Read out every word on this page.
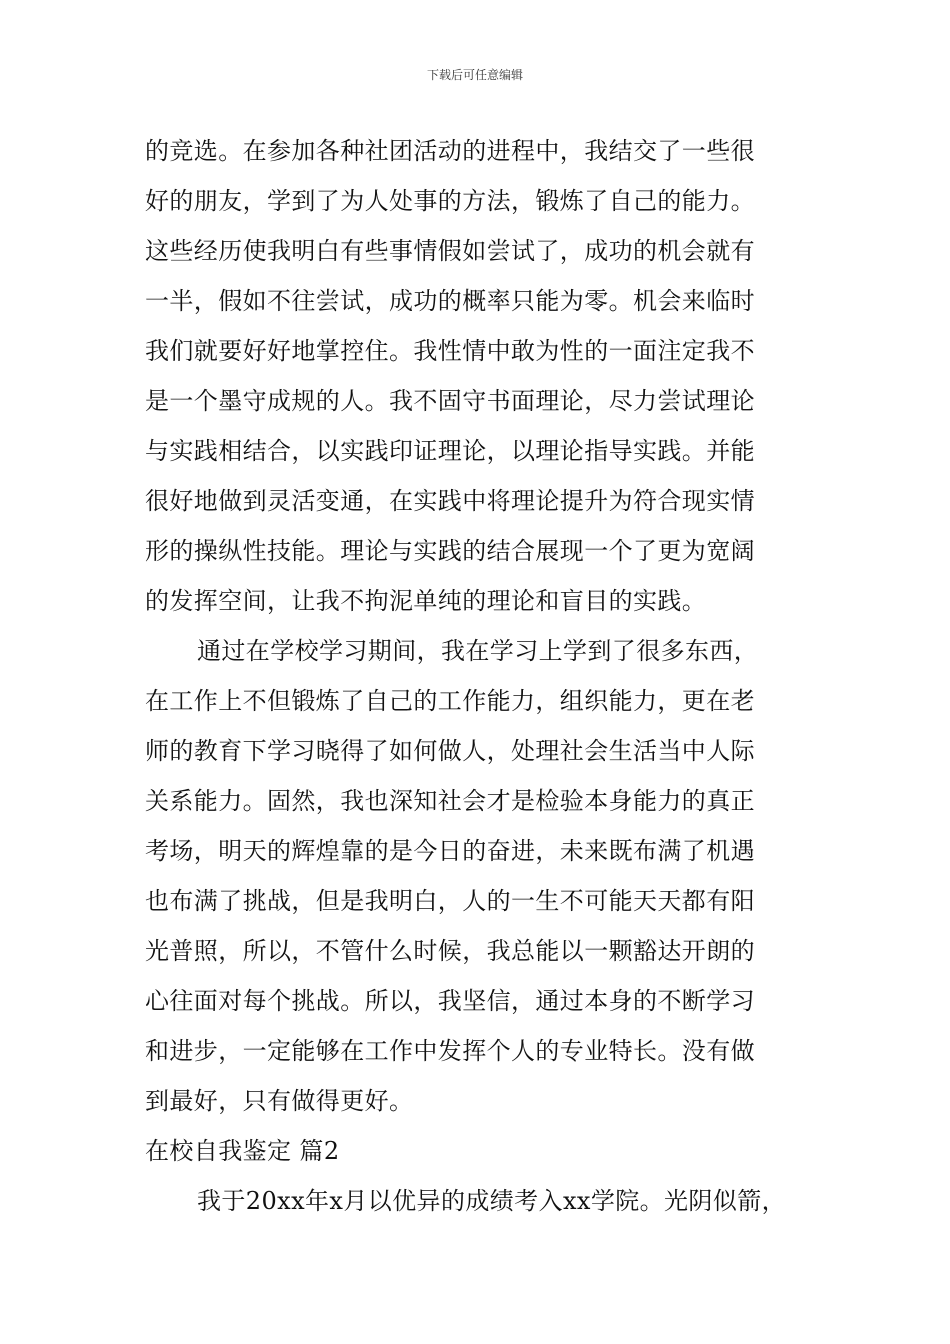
下载后可任意编辑
的竞选。在参加各种社团活动的进程中，我结交了一些很
好的朋友，学到了为人处事的方法，锻炼了自己的能力。
这些经历使我明白有些事情假如尝试了，成功的机会就有
一半，假如不往尝试，成功的概率只能为零。机会来临时
我们就要好好地掌控住。我性情中敢为性的一面注定我不
是一个墨守成规的人。我不固守书面理论，尽力尝试理论
与实践相结合，以实践印证理论，以理论指导实践。并能
很好地做到灵活变通，在实践中将理论提升为符合现实情
形的操纵性技能。理论与实践的结合展现一个了更为宽阔
的发挥空间，让我不拘泥单纯的理论和盲目的实践。
通过在学校学习期间，我在学习上学到了很多东西，
在工作上不但锻炼了自己的工作能力，组织能力，更在老
师的教育下学习晓得了如何做人，处理社会生活当中人际
关系能力。固然，我也深知社会才是检验本身能力的真正
考场，明天的辉煌靠的是今日的奋进，未来既布满了机遇
也布满了挑战，但是我明白，人的一生不可能天天都有阳
光普照，所以，不管什么时候，我总能以一颗豁达开朗的
心往面对每个挑战。所以，我坚信，通过本身的不断学习
和进步，一定能够在工作中发挥个人的专业特长。没有做
到最好，只有做得更好。
在校自我鉴定 篇2
我于20xx年x月以优异的成绩考入xx学院。光阴似箭，
